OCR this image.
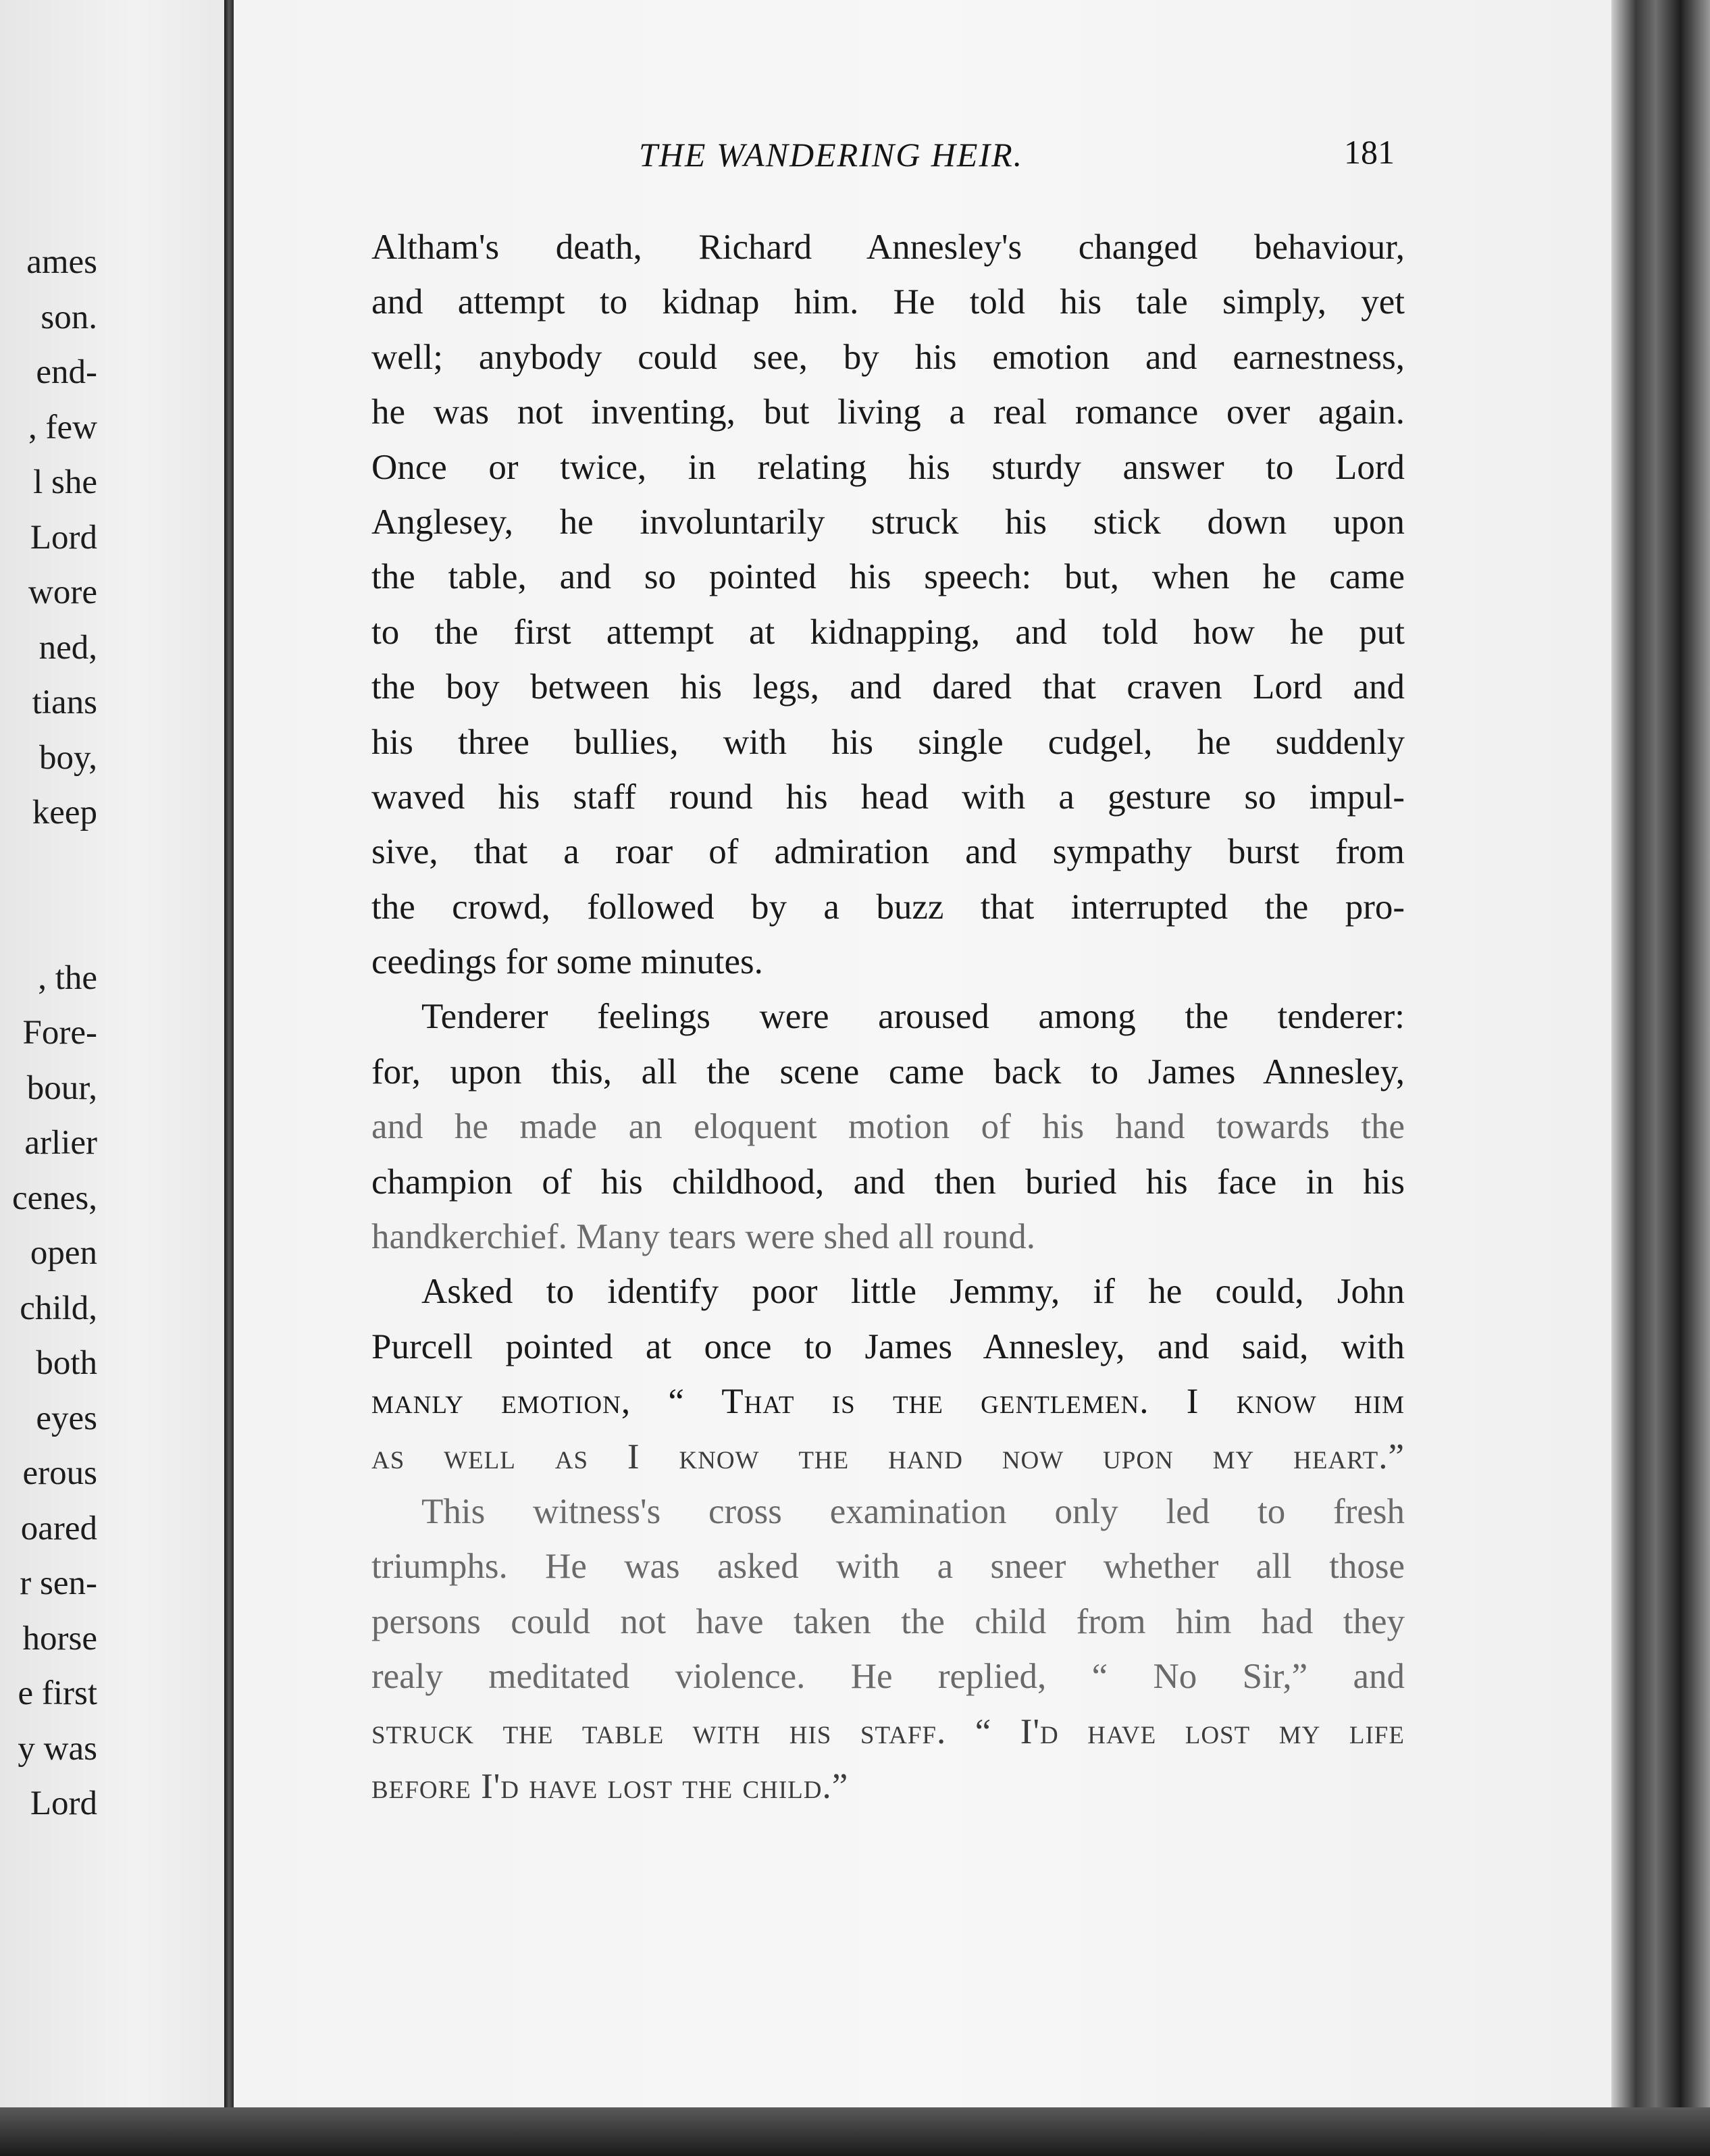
ames
son.
end-
, few
l she
Lord
wore
ned,
tians
boy,
keep
, the
Fore-
bour,
arlier
cenes,
open
child,
both
eyes
erous
oared
r sen-
horse
e first
y was
Lord
THE WANDERING HEIR.	181
Altham's death, Richard Annesley's changed behaviour,
and attempt to kidnap him. He told his tale simply, yet
well; anybody could see, by his emotion and earnestness,
he was not inventing, but living a real romance over again.
Once or twice, in relating his sturdy answer to Lord
Anglesey, he involuntarily struck his stick down upon
the table, and so pointed his speech: but, when he came
to the first attempt at kidnapping, and told how he put
the boy between his legs, and dared that craven Lord and
his three bullies, with his single cudgel, he suddenly
waved his staff round his head with a gesture so impul-
sive, that a roar of admiration and sympathy burst from
the crowd, followed by a buzz that interrupted the pro-
ceedings for some minutes.
Tenderer feelings were aroused among the tenderer:
for, upon this, all the scene came back to James Annesley,
and he made an eloquent motion of his hand towards the
champion of his childhood, and then buried his face in his
handkerchief. Many tears were shed all round.
Asked to identify poor little Jemmy, if he could, John
Purcell pointed at once to James Annesley, and said, with
manly emotion, “ That is the gentlemen. I know him
as well as I know the hand now upon my heart.”
This witness's cross examination only led to fresh
triumphs. He was asked with a sneer whether all those
persons could not have taken the child from him had they
realy meditated violence. He replied, “ No Sir,” and
struck the table with his staff. “ I'd have lost my life
before I'd have lost the child.”
